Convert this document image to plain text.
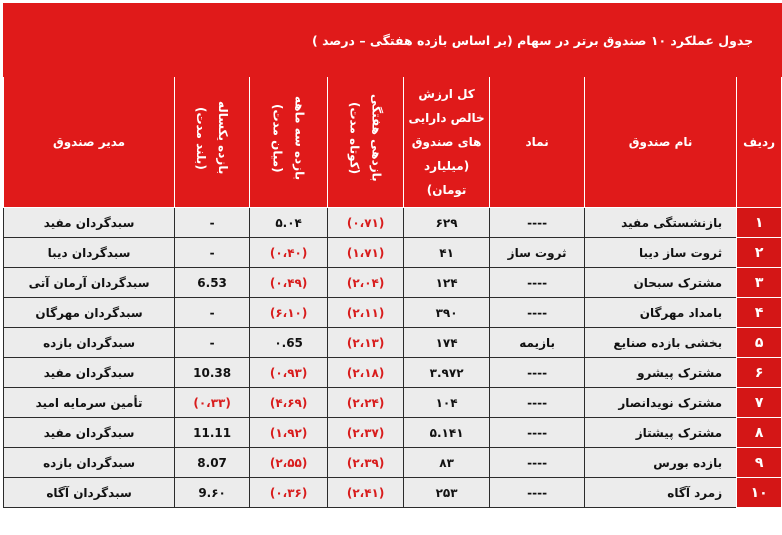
جدول عملکرد ۱۰ صندوق برتر در سهام (بر اساس بازده هفتگی – درصد )							
ردیف	نام صندوق	نماد	کل ارزش
خالص دارایی
های صندوق
(میلیارد
تومان)	بازدهی هفتگی
(کوتاه مدت)	بازده سه ماهه
(میان مدت)	بازده یکساله
(بلند مدت)	مدیر صندوق
۱	بازنشستگی مفید	----	۶۲۹	(۰،۷۱)	۵.۰۴	-	سبدگردان مفید
۲	ثروت ساز دیبا	ثروت ساز	۴۱	(۱،۷۱)	(۰،۴۰)	-	سبدگردان دیبا
۳	مشترک سبحان	----	۱۲۴	(۲،۰۴)	(۰،۴۹)	6.53	سبدگردان آرمان آتی
۴	بامداد مهرگان	----	۳۹۰	(۲،۱۱)	(۶،۱۰)	-	سبدگردان مهرگان
۵	بخشی بازده صنایع	بازیمه	۱۷۴	(۲،۱۳)	۰.65	-	سبدگردان بازده
۶	مشترک پیشرو	----	۳.۹۷۲	(۲،۱۸)	(۰،۹۳)	10.38	سبدگردان مفید
۷	مشترک نویدانصار	----	۱۰۴	(۲،۲۴)	(۴،۶۹)	(۰،۳۳)	تأمین سرمایه امید
۸	مشترک پیشتاز	----	۵.۱۴۱	(۲،۳۷)	(۱،۹۲)	11.11	سبدگردان مفید
۹	بازده بورس	----	۸۳	(۲،۳۹)	(۲،۵۵)	8.07	سبدگردان بازده
۱۰	زمرد آگاه	----	۲۵۳	(۲،۴۱)	(۰،۳۶)	9.۶۰	سبدگردان آگاه
